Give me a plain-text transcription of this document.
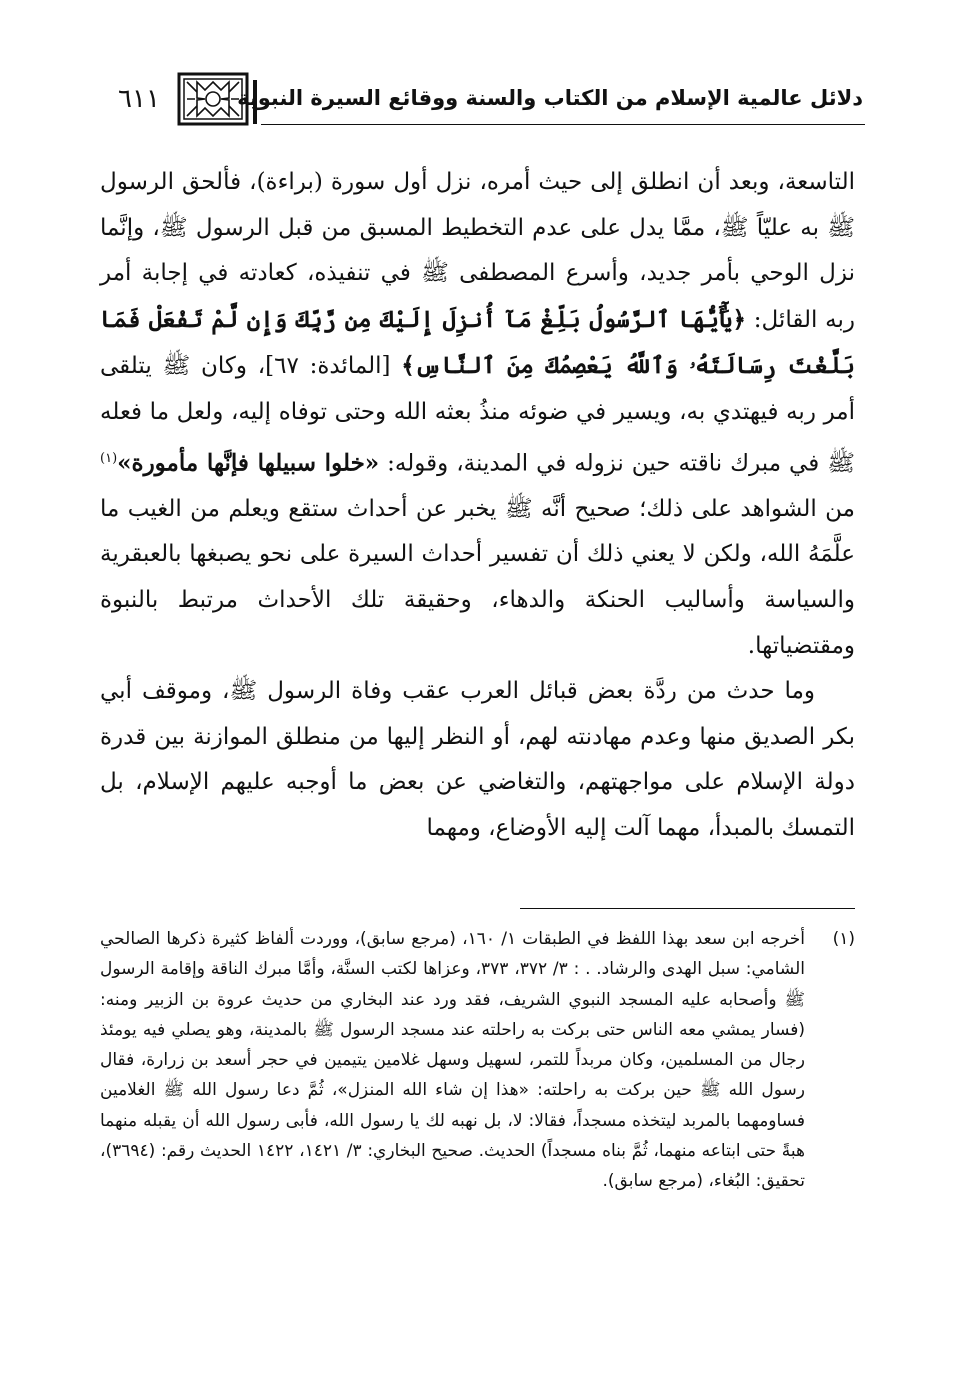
٦١١	دلائل عالمية الإسلام من الكتاب والسنة ووقائع السيرة النبوية

التاسعة، وبعد أن انطلق إلى حيث أمره، نزل أول سورة (براءة)، فألحق الرسول ﷺ به عليّاً ﷺ، ممَّا يدل على عدم التخطيط المسبق من قبل الرسول ﷺ، وإنَّما نزل الوحي بأمر جديد، وأسرع المصطفى ﷺ في تنفيذه، كعادته في إجابة أمر ربه القائل: ﴿يَٰٓأَيُّهَا ٱلرَّسُولُ بَلِّغْ مَآ أُنزِلَ إِلَيْكَ مِن رَّبِّكَ وَإِن لَّمْ تَفْعَلْ فَمَا بَلَّغْتَ رِسَالَتَهُۥ وَٱللَّهُ يَعْصِمُكَ مِنَ ٱلنَّاسِ﴾ [المائدة: ٦٧]، وكان ﷺ يتلقى أمر ربه فيهتدي به، ويسير في ضوئه منذُ بعثه الله وحتى توفاه إليه، ولعل ما فعله ﷺ في مبرك ناقته حين نزوله في المدينة، وقوله: «خلوا سبيلها فإنَّها مأمورة»$^{(١)}$ من الشواهد على ذلك؛ صحيح أنَّه ﷺ يخبر عن أحداث ستقع ويعلم من الغيب ما علَّمَهُ الله، ولكن لا يعني ذلك أن تفسير أحداث السيرة على نحو يصبغها بالعبقرية والسياسة وأساليب الحنكة والدهاء، وحقيقة تلك الأحداث مرتبط بالنبوة ومقتضياتها.

وما حدث من ردَّة بعض قبائل العرب عقب وفاة الرسول ﷺ، وموقف أبي بكر الصديق منها وعدم مهادنته لهم، أو النظر إليها من منطلق الموازنة بين قدرة دولة الإسلام على مواجهتهم، والتغاضي عن بعض ما أوجبه عليهم الإسلام، بل التمسك بالمبدأ، مهما آلت إليه الأوضاع، ومهما

(١)
أخرجه ابن سعد بهذا اللفظ في الطبقات ١/ ١٦٠، (مرجع سابق)، ووردت ألفاظ كثيرة ذكرها الصالحي الشامي: سبل الهدى والرشاد. . : ٣/ ٣٧٢، ٣٧٣، وعزاها لكتب السنَّة، وأمَّا مبرك الناقة وإقامة الرسول ﷺ وأصحابه عليه المسجد النبوي الشريف، فقد ورد عند البخاري من حديث عروة بن الزبير ومنه: (فسار يمشي معه الناس حتى بركت به راحلته عند مسجد الرسول ﷺ بالمدينة، وهو يصلي فيه يومئذ رجال من المسلمين، وكان مربداً للتمر، لسهيل وسهل غلامين يتيمين في حجر أسعد بن زرارة، فقال رسول الله ﷺ حين بركت به راحلته: «هذا إن شاء الله المنزل»، ثُمَّ دعا رسول الله ﷺ الغلامين فساومهما بالمربد ليتخذه مسجداً، فقالا: لا، بل نهبه لك يا رسول الله، فأبى رسول الله أن يقبله منهما هبةً حتى ابتاعه منهما، ثُمَّ بناه مسجداً) الحديث. صحيح البخاري: ٣/ ١٤٢١، ١٤٢٢ الحديث رقم: (٣٦٩٤)، تحقيق: البُغاء، (مرجع سابق).
